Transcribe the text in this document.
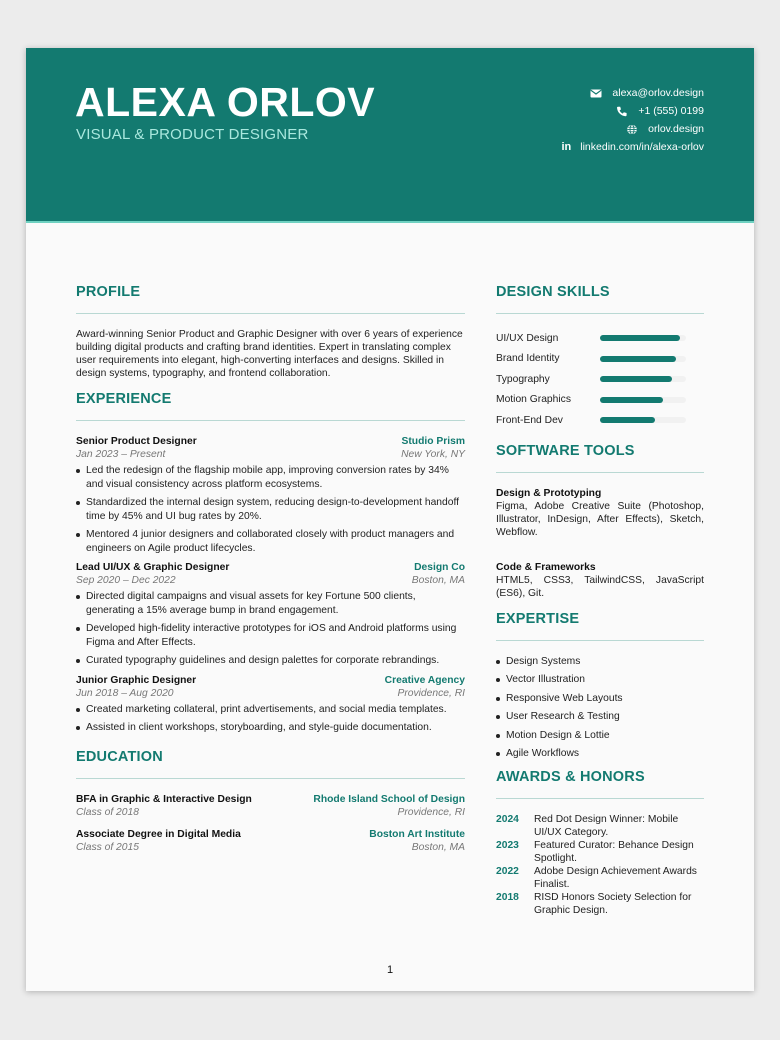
ALEXA ORLOV
VISUAL & PRODUCT DESIGNER
alexa@orlov.design
+1 (555) 0199
orlov.design
in linkedin.com/in/alexa-orlov
PROFILE

Award-winning Senior Product and Graphic Designer with over 6 years of experience building digital products and crafting brand identities. Expert in translating complex user requirements into elegant, high-converting interfaces and designs. Skilled in design systems, typography, and frontend collaboration.

EXPERIENCE
Senior Product Designer	Studio Prism
Jan 2023 – Present	New York, NY
Led the redesign of the flagship mobile app, improving conversion rates by 34% and visual consistency across platform ecosystems.
Standardized the internal design system, reducing design-to-development handoff time by 45% and UI bug rates by 20%.
Mentored 4 junior designers and collaborated closely with product managers and engineers on Agile product lifecycles.
Lead UI/UX & Graphic Designer	Design Co
Sep 2020 – Dec 2022	Boston, MA
Directed digital campaigns and visual assets for key Fortune 500 clients, generating a 15% average bump in brand engagement.
Developed high-fidelity interactive prototypes for iOS and Android platforms using Figma and After Effects.
Curated typography guidelines and design palettes for corporate rebrandings.
Junior Graphic Designer	Creative Agency
Jun 2018 – Aug 2020	Providence, RI
Created marketing collateral, print advertisements, and social media templates.
Assisted in client workshops, storyboarding, and style-guide documentation.
EDUCATION
BFA in Graphic & Interactive Design	Rhode Island School of Design
Class of 2018	Providence, RI
Associate Degree in Digital Media	Boston Art Institute
Class of 2015	Boston, MA
DESIGN SKILLS
UI/UX Design
Brand Identity
Typography
Motion Graphics
Front-End Dev
SOFTWARE TOOLS
Design & Prototyping
Figma, Adobe Creative Suite (Photoshop, Illustrator, InDesign, After Effects), Sketch, Webflow.
Code & Frameworks
HTML5, CSS3, TailwindCSS, JavaScript (ES6), Git.
EXPERTISE
Design Systems
Vector Illustration
Responsive Web Layouts
User Research & Testing
Motion Design & Lottie
Agile Workflows
AWARDS & HONORS
2024	Red Dot Design Winner: Mobile UI/UX Category.
2023	Featured Curator: Behance Design Spotlight.
2022	Adobe Design Achievement Awards Finalist.
2018	RISD Honors Society Selection for Graphic Design.
1
